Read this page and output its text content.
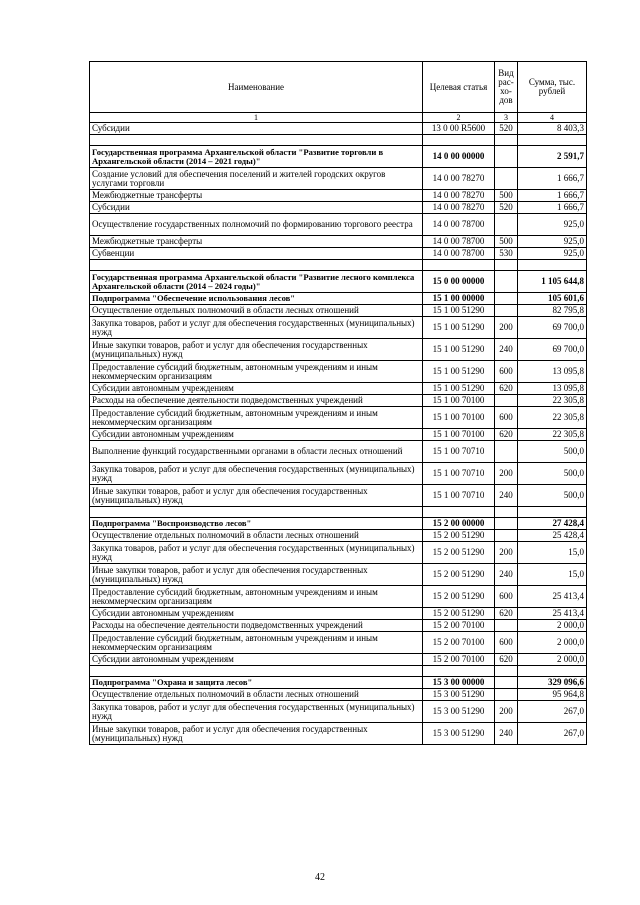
Наименование	Целевая статья	Вид рас- хо- дов	Сумма, тыс. рублей
1	2	3	4
Субсидии	13 0 00 R5600	520	8 403,3

Государственная программа Архангельской области "Развитие торговли в Архангельской области (2014 – 2021 годы)"	14 0 00 00000		2 591,7
Создание условий для обеспечения поселений и жителей городских округов услугами торговли	14 0 00 78270		1 666,7
Межбюджетные трансферты	14 0 00 78270	500	1 666,7
Субсидии	14 0 00 78270	520	1 666,7
Осуществление государственных полномочий по формированию торгового реестра	14 0 00 78700		925,0
Межбюджетные трансферты	14 0 00 78700	500	925,0
Субвенции	14 0 00 78700	530	925,0

Государственная программа Архангельской области "Развитие лесного комплекса Архангельской области (2014 – 2024 годы)"	15 0 00 00000		1 105 644,8
Подпрограмма "Обеспечение использования лесов"	15 1 00 00000		105 601,6
Осуществление отдельных полномочий в области лесных отношений	15 1 00 51290		82 795,8
Закупка товаров, работ и услуг для обеспечения государственных (муниципальных) нужд	15 1 00 51290	200	69 700,0
Иные закупки товаров, работ и услуг для обеспечения государственных (муниципальных) нужд	15 1 00 51290	240	69 700,0
Предоставление субсидий бюджетным, автономным учреждениям и иным некоммерческим организациям	15 1 00 51290	600	13 095,8
Субсидии автономным учреждениям	15 1 00 51290	620	13 095,8
Расходы на обеспечение деятельности подведомственных учреждений	15 1 00 70100		22 305,8
Предоставление субсидий бюджетным, автономным учреждениям и иным некоммерческим организациям	15 1 00 70100	600	22 305,8
Субсидии автономным учреждениям	15 1 00 70100	620	22 305,8
Выполнение функций государственными органами в области лесных отношений	15 1 00 70710		500,0
Закупка товаров, работ и услуг для обеспечения государственных (муниципальных) нужд	15 1 00 70710	200	500,0
Иные закупки товаров, работ и услуг для обеспечения государственных (муниципальных) нужд	15 1 00 70710	240	500,0

Подпрограмма "Воспроизводство лесов"	15 2 00 00000		27 428,4
Осуществление отдельных полномочий в области лесных отношений	15 2 00 51290		25 428,4
Закупка товаров, работ и услуг для обеспечения государственных (муниципальных) нужд	15 2 00 51290	200	15,0
Иные закупки товаров, работ и услуг для обеспечения государственных (муниципальных) нужд	15 2 00 51290	240	15,0
Предоставление субсидий бюджетным, автономным учреждениям и иным некоммерческим организациям	15 2 00 51290	600	25 413,4
Субсидии автономным учреждениям	15 2 00 51290	620	25 413,4
Расходы на обеспечение деятельности подведомственных учреждений	15 2 00 70100		2 000,0
Предоставление субсидий бюджетным, автономным учреждениям и иным некоммерческим организациям	15 2 00 70100	600	2 000,0
Субсидии автономным учреждениям	15 2 00 70100	620	2 000,0

Подпрограмма "Охрана и защита лесов"	15 3 00 00000		329 096,6
Осуществление отдельных полномочий в области лесных отношений	15 3 00 51290		95 964,8
Закупка товаров, работ и услуг для обеспечения государственных (муниципальных) нужд	15 3 00 51290	200	267,0
Иные закупки товаров, работ и услуг для обеспечения государственных (муниципальных) нужд	15 3 00 51290	240	267,0
42
